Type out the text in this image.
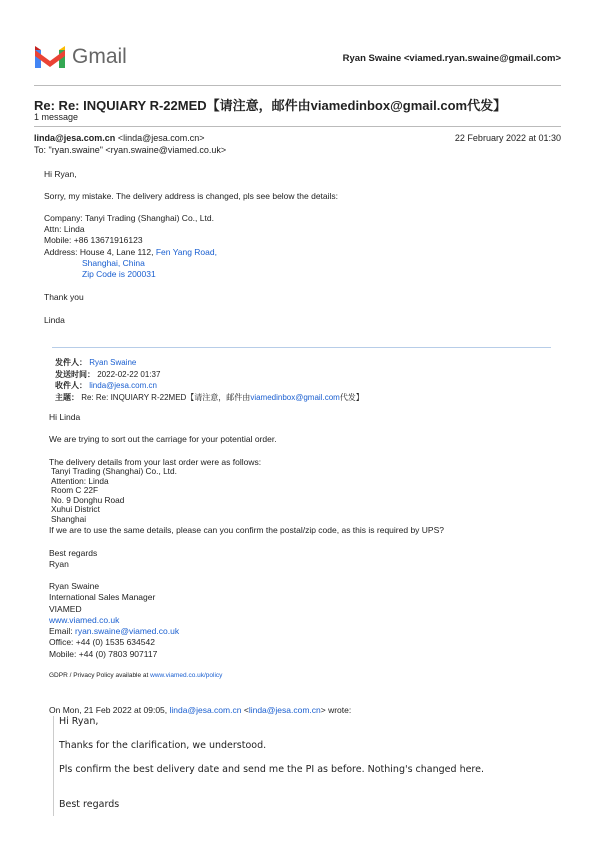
Gmail	Ryan Swaine <viamed.ryan.swaine@gmail.com>
Re: Re: INQUIARY R-22MED【请注意，邮件由viamedinbox@gmail.com代发】
1 message
linda@jesa.com.cn <linda@jesa.com.cn>	22 February 2022 at 01:30
To: "ryan.swaine" <ryan.swaine@viamed.co.uk>
Hi Ryan,
Sorry, my mistake. The delivery address is changed, pls see below the details:
Company: Tanyi Trading (Shanghai) Co., Ltd.
Attn: Linda
Mobile: +86 13671916123
Address: House 4, Lane 112, Fen Yang Road,
Shanghai, China
Zip Code is 200031
Thank you
Linda
发件人： Ryan Swaine
发送时间： 2022-02-22 01:37
收件人： linda@jesa.com.cn
主题： Re: Re: INQUIARY R-22MED【请注意，邮件由viamedinbox@gmail.com代发】
Hi Linda
We are trying to sort out the carriage for your potential order.
The delivery details from your last order were as follows:
Tanyi Trading (Shanghai) Co., Ltd.
Attention: Linda
Room C 22F
No. 9 Donghu Road
Xuhui District
Shanghai
If we are to use the same details, please can you confirm the postal/zip code, as this is required by UPS?
Best regards
Ryan
Ryan Swaine
International Sales Manager
VIAMED
www.viamed.co.uk
Email: ryan.swaine@viamed.co.uk
Office: +44 (0) 1535 634542
Mobile: +44 (0) 7803 907117
GDPR / Privacy Policy available at www.viamed.co.uk/policy
On Mon, 21 Feb 2022 at 09:05, linda@jesa.com.cn <linda@jesa.com.cn> wrote:
Hi Ryan,
Thanks for the clarification, we understood.
Pls confirm the best delivery date and send me the PI as before. Nothing's changed here.
Best regards
